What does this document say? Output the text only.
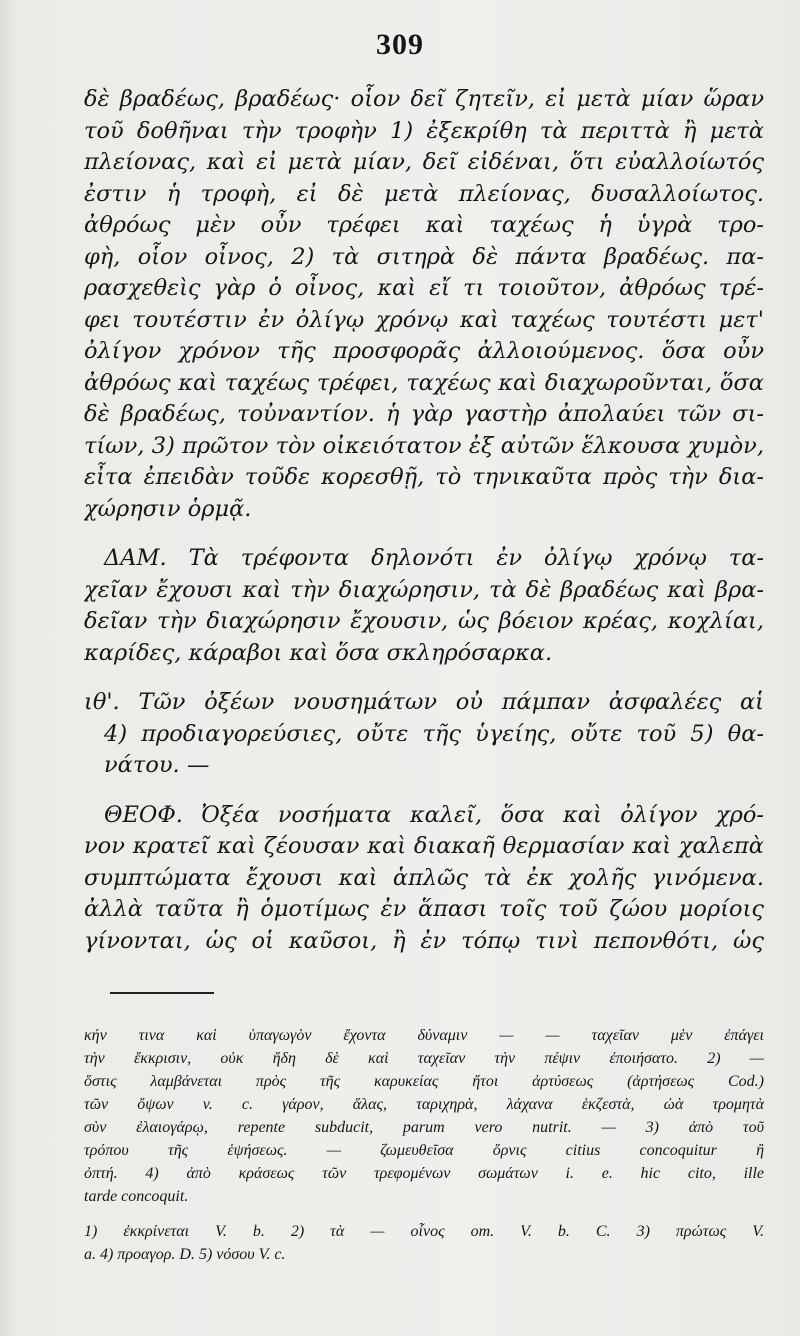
309
δὲ βραδέως, βραδέως· οἷον δεῖ ζητεῖν, εἰ μετὰ μίαν ὥραν
τοῦ δοθῆναι τὴν τροφὴν 1) ἐξεκρίθη τὰ περιττὰ ἢ μετὰ
πλείονας, καὶ εἰ μετὰ μίαν, δεῖ εἰδέναι, ὅτι εὐαλλοίωτός
ἐστιν ἡ τροφὴ, εἰ δὲ μετὰ πλείονας, δυσαλλοίωτος.
ἀθρόως μὲν οὖν τρέφει καὶ ταχέως ἡ ὑγρὰ τρο-
φὴ, οἷον οἶνος, 2) τὰ σιτηρὰ δὲ πάντα βραδέως. πα-
ρασχεθεὶς γὰρ ὁ οἶνος, καὶ εἴ τι τοιοῦτον, ἀθρόως τρέ-
φει τουτέστιν ἐν ὀλίγῳ χρόνῳ καὶ ταχέως τουτέστι μετ'
ὀλίγον χρόνον τῆς προσφορᾶς ἀλλοιούμενος. ὅσα οὖν
ἀθρόως καὶ ταχέως τρέφει, ταχέως καὶ διαχωροῦνται, ὅσα
δὲ βραδέως, τοὐναντίον. ἡ γὰρ γαστὴρ ἀπολαύει τῶν σι-
τίων, 3) πρῶτον τὸν οἰκειότατον ἐξ αὐτῶν ἕλκουσα χυμὸν,
εἶτα ἐπειδὰν τοῦδε κορεσθῇ, τὸ τηνικαῦτα πρὸς τὴν δια-
χώρησιν ὁρμᾷ.
ΔΑΜ. Τὰ τρέφοντα δηλονότι ἐν ὀλίγῳ χρόνῳ τα-
χεῖαν ἔχουσι καὶ τὴν διαχώρησιν, τὰ δὲ βραδέως καὶ βρα-
δεῖαν τὴν διαχώρησιν ἔχουσιν, ὡς βόειον κρέας, κοχλίαι,
καρίδες, κάραβοι καὶ ὅσα σκληρόσαρκα.
ιθ'. Τῶν ὀξέων νουσημάτων οὐ πάμπαν ἀσφαλέες αἱ
4) προδιαγορεύσιες, οὔτε τῆς ὑγείης, οὔτε τοῦ 5) θα-
νάτου. —
ΘΕΟΦ. Ὀξέα νοσήματα καλεῖ, ὅσα καὶ ὀλίγον χρό-
νον κρατεῖ καὶ ζέουσαν καὶ διακαῆ θερμασίαν καὶ χαλεπὰ
συμπτώματα ἔχουσι καὶ ἁπλῶς τὰ ἐκ χολῆς γινόμενα.
ἀλλὰ ταῦτα ἢ ὁμοτίμως ἐν ἅπασι τοῖς τοῦ ζώου μορίοις
γίνονται, ὡς οἱ καῦσοι, ἢ ἐν τόπῳ τινὶ πεπονθότι, ὡς
κήν τινα καὶ ὑπαγωγὸν ἔχοντα δύναμιν — — ταχεῖαν μὲν ἐπάγει
τὴν ἔκκρισιν, οὐκ ἤδη δὲ καὶ ταχεῖαν τὴν πέψιν ἐποιήσατο. 2) —
ὅστις λαμβάνεται πρὸς τῆς καρυκείας ἤτοι ἀρτύσεως (ἀρτήσεως Cod.)
τῶν ὄψων v. c. γάρον, ἅλας, ταριχηρὰ, λάχανα ἑκζεστὰ, ὠὰ τρομητὰ
σὺν ἐλαιογάρῳ, repente subducit, parum vero nutrit. — 3) ἀπὸ τοῦ
τρόπου τῆς ἑψήσεως. — ζωμευθεῖσα ὄρνις citius concoquitur ἢ
ὀπτή. 4) ἀπὸ κράσεως τῶν τρεφομένων σωμάτων i. e. hic cito, ille
tarde concoquit.
1) ἐκκρίνεται V. b. 2) τὰ — οἶνος om. V. b. C. 3) πρώτως V.
a. 4) προαγορ. D. 5) νόσου V. c.
